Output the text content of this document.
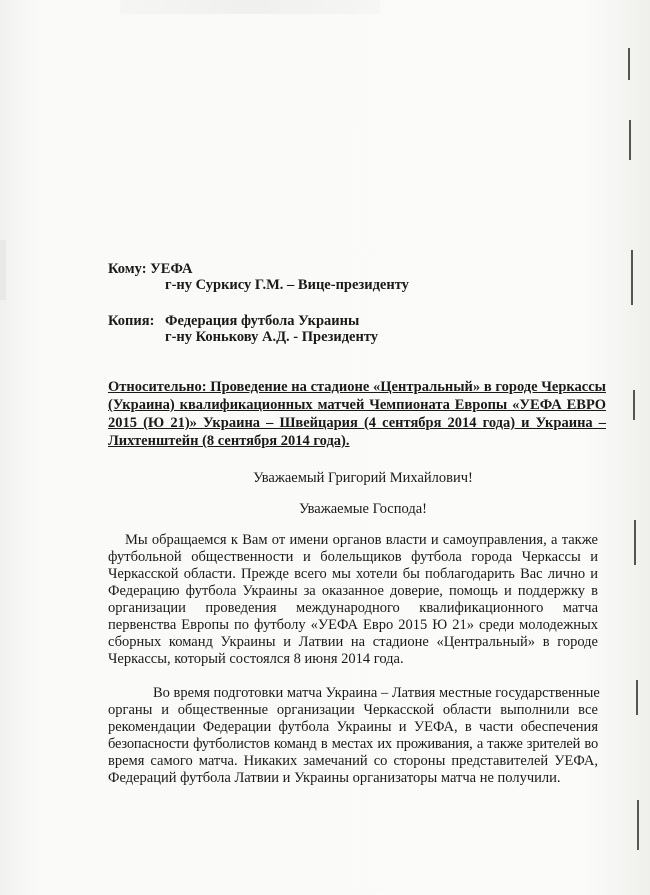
Кому: УЕФА
г-ну Суркису Г.М. – Вице-президенту
Копия: Федерация футбола Украины
г-ну Конькову А.Д. - Президенту
Относительно: Проведение на стадионе «Центральный» в городе Черкассы
(Украина) квалификационных матчей Чемпионата Европы «УЕФА ЕВРО
2015 (Ю 21)» Украина – Швейцария (4 сентября 2014 года) и Украина –
Лихтенштейн (8 сентября 2014 года).
Уважаемый Григорий Михайлович!
Уважаемые Господа!
Мы обращаемся к Вам от имени органов власти и самоуправления, а также
футбольной общественности и болельщиков футбола города Черкассы и
Черкасской области. Прежде всего мы хотели бы поблагодарить Вас лично и
Федерацию футбола Украины за оказанное доверие, помощь и поддержку в
организации проведения международного квалификационного матча
первенства Европы по футболу «УЕФА Евро 2015 Ю 21» среди молодежных
сборных команд Украины и Латвии на стадионе «Центральный» в городе
Черкассы, который состоялся 8 июня 2014 года.
Во время подготовки матча Украина – Латвия местные государственные
органы и общественные организации Черкасской области выполнили все
рекомендации Федерации футбола Украины и УЕФА, в части обеспечения
безопасности футболистов команд в местах их проживания, а также зрителей во
время самого матча. Никаких замечаний со стороны представителей УЕФА,
Федераций футбола Латвии и Украины организаторы матча не получили.
